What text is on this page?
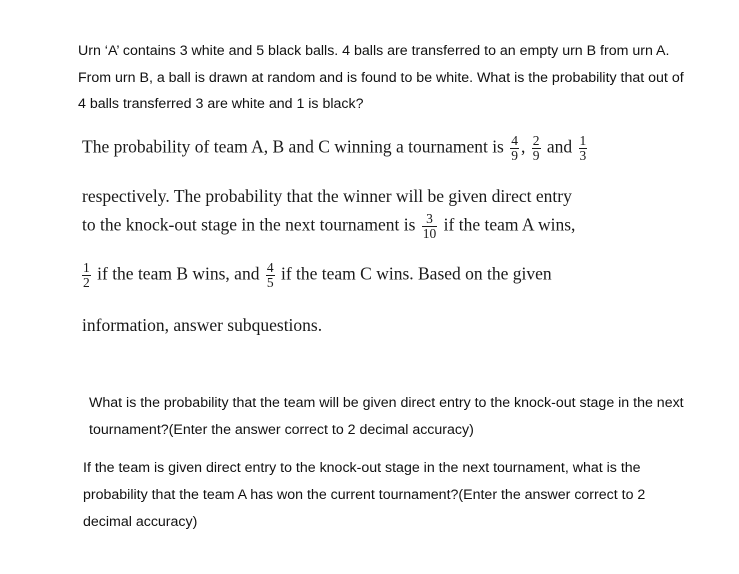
Urn ‘A’ contains 3 white and 5 black balls. 4 balls are transferred to an empty urn B from urn A.

From urn B, a ball is drawn at random and is found to be white. What is the probability that out of

4 balls transferred 3 are white and 1 is black?

The probability of team A, B and C winning a tournament is $\frac{4}{9}$ , $\frac{2}{9}$ and $\frac{1}{3}$
respectively. The probability that the winner will be given direct entry
to the knock-out stage in the next tournament is $\frac{3}{10}$ if the team A wins,
$\frac{1}{2}$ if the team B wins, and $\frac{4}{5}$ if the team C wins. Based on the given
information, answer subquestions.

What is the probability that the team will be given direct entry to the knock-out stage in the next

tournament?(Enter the answer correct to 2 decimal accuracy)

If the team is given direct entry to the knock-out stage in the next tournament, what is the

probability that the team A has won the current tournament?(Enter the answer correct to 2

decimal accuracy)
